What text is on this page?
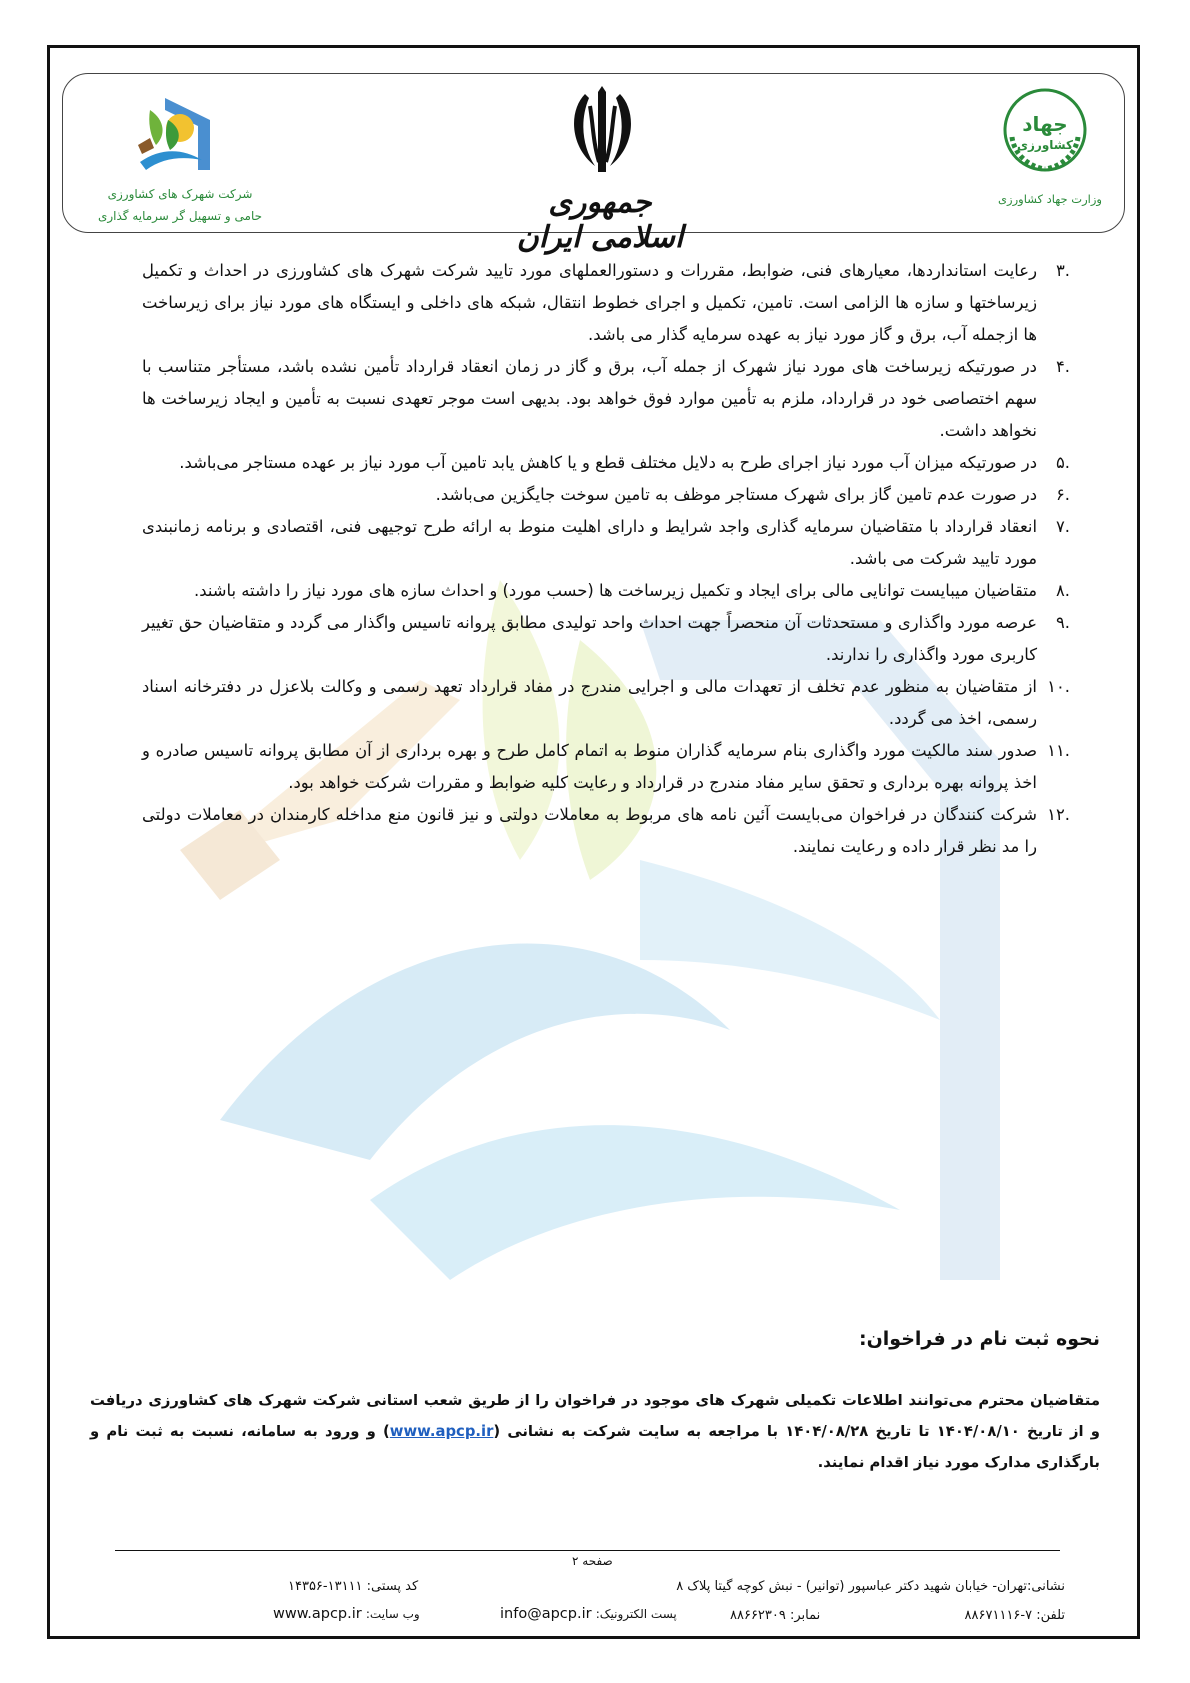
شرکت شهرک های کشاورزی
حامی و تسهیل گر سرمایه گذاری	جمهوری اسلامی ایران
جهاد
کشاورزی
وزارت جهاد کشاورزی
.۳
رعایت استانداردها، معیارهای فنی، ضوابط، مقررات و دستورالعملهای مورد تایید شرکت شهرک های کشاورزی در احداث و تکمیل زیرساختها و سازه ها الزامی است. تامین، تکمیل و اجرای خطوط انتقال، شبکه های داخلی و ایستگاه های مورد نیاز برای زیرساخت ها ازجمله آب، برق و گاز مورد نیاز به عهده سرمایه گذار می باشد.
.۴
در صورتیکه زیرساخت های مورد نیاز شهرک از جمله آب، برق و گاز در زمان انعقاد قرارداد تأمین نشده باشد، مستأجر متناسب با سهم اختصاصی خود در قرارداد، ملزم به تأمین موارد فوق خواهد بود. بدیهی است موجر تعهدی نسبت به تأمین و ایجاد زیرساخت ها نخواهد داشت.
.۵
در صورتیکه میزان آب مورد نیاز اجرای طرح به دلایل مختلف قطع و یا کاهش یابد تامین آب مورد نیاز بر عهده مستاجر می‌باشد.
.۶
در صورت عدم تامین گاز برای شهرک مستاجر موظف به تامین سوخت جایگزین می‌باشد.
.۷
انعقاد قرارداد با متقاضیان سرمایه گذاری واجد شرایط و دارای اهلیت منوط به ارائه طرح توجیهی فنی، اقتصادی و برنامه زمانبندی مورد تایید شرکت می باشد.
.۸
متقاضیان میبایست توانایی مالی برای ایجاد و تکمیل زیرساخت ها (حسب مورد) و احداث سازه های مورد نیاز را داشته باشند.
.۹
عرصه مورد واگذاری و مستحدثات آن منحصراً جهت احداث واحد تولیدی مطابق پروانه تاسیس واگذار می گردد و متقاضیان حق تغییر کاربری مورد واگذاری را ندارند.
.۱۰
از متقاضیان به منظور عدم تخلف از تعهدات مالی و اجرایی مندرج در مفاد قرارداد تعهد رسمی و وکالت بلاعزل در دفترخانه اسناد رسمی، اخذ می گردد.
.۱۱
صدور سند مالکیت مورد واگذاری بنام سرمایه گذاران منوط به اتمام کامل طرح و بهره برداری از آن مطابق پروانه تاسیس صادره و اخذ پروانه بهره برداری و تحقق سایر مفاد مندرج در قرارداد و رعایت کلیه ضوابط و مقررات شرکت خواهد بود.
.۱۲
شرکت کنندگان در فراخوان می‌بایست آئین نامه های مربوط به معاملات دولتی و نیز قانون منع مداخله کارمندان در معاملات دولتی را مد نظر قرار داده و رعایت نمایند.
نحوه ثبت نام در فراخوان:
متقاضیان محترم می‌توانند اطلاعات تکمیلی شهرک های موجود در فراخوان را از طریق شعب استانی شرکت شهرک های کشاورزی دریافت و از تاریخ ۱۴۰۴/۰۸/۱۰ تا تاریخ ۱۴۰۴/۰۸/۲۸ با مراجعه به سایت شرکت به نشانی (www.apcp.ir) و ورود به سامانه، نسبت به ثبت نام و بارگذاری مدارک مورد نیاز اقدام نمایند.
صفحه ۲
نشانی:تهران- خیابان شهید دکتر عباسپور (توانیر) - نبش کوچه گیتا پلاک ۸
کد پستی: ۱۳۱۱۱-۱۴۳۵۶
تلفن: ۷-۸۸۶۷۱۱۱۶
نمابر: ۸۸۶۶۲۳۰۹
پست الکترونیک: info@apcp.ir
وب سایت: www.apcp.ir
